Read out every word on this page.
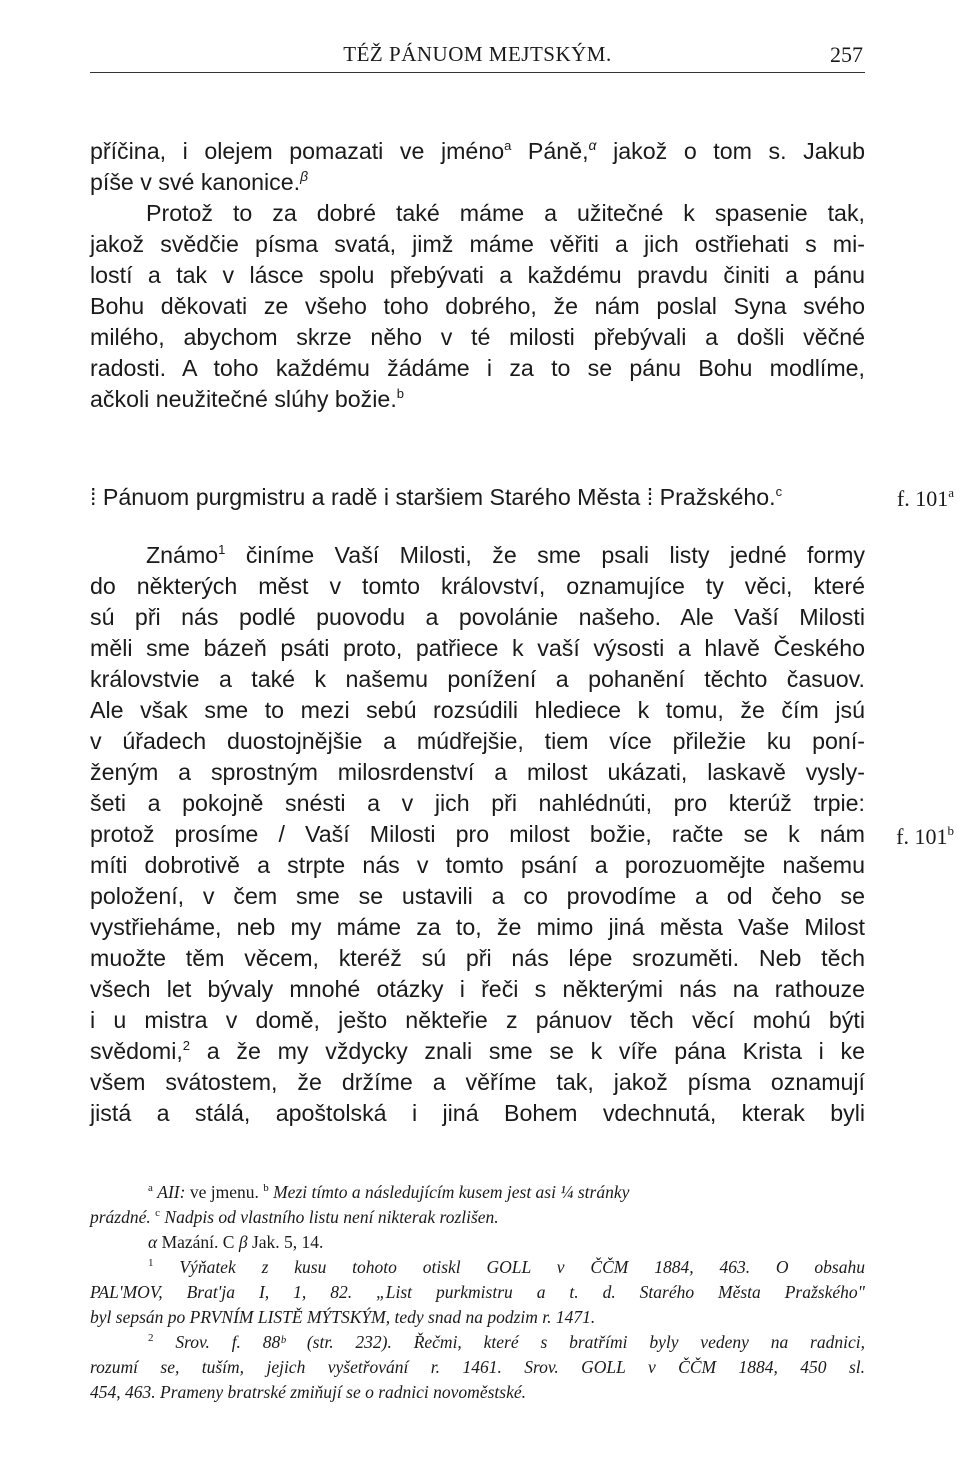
TÉŽ PÁNUOM MEJTSKÝM.	257
příčina, i olejem pomazati ve jméno$^a$ Páně,$^\alpha$ jakož o tom s. Jakub
píše v své kanonice.$^\beta$
Protož to za dobré také máme a užitečné k spasenie tak,
jakož svědčie písma svatá, jimž máme věřiti a jich ostřiehati s mi-
lostí a tak v lásce spolu přebývati a každému pravdu činiti a pánu
Bohu děkovati ze všeho toho dobrého, že nám poslal Syna svého
milého, abychom skrze něho v té milosti přebývali a došli věčné
radosti. A toho každému žádáme i za to se pánu Bohu modlíme,
ačkoli neužitečné slúhy božie.$^b$
⁞ Pánuom purgmistru a radě i staršiem Starého Města ⁞ Pražského.$^c$	f. 101$^a$
Známo$^1$ činíme Vaší Milosti, že sme psali listy jedné formy
do některých měst v tomto království, oznamujíce ty věci, které
sú při nás podlé puovodu a povolánie našeho. Ale Vaší Milosti
měli sme bázeň psáti proto, patřiece k vaší výsosti a hlavě Českého
královstvie a také k našemu ponížení a pohanění těchto časuov.
Ale však sme to mezi sebú rozsúdili hlediece k tomu, že čím jsú
v úřadech duostojnějšie a múdřejšie, tiem více přiležie ku poní-
ženým a sprostným milosrdenství a milost ukázati, laskavě vysly-
šeti a pokojně snésti a v jich při nahlédnúti, pro kterúž trpie:
protož prosíme / Vaší Milosti pro milost božie, račte se k nám
míti dobrotivě a strpte nás v tomto psání a porozuomějte našemu
položení, v čem sme se ustavili a co provodíme a od čeho se
vystřieháme, neb my máme za to, že mimo jiná města Vaše Milost
muožte těm věcem, kteréž sú při nás lépe srozuměti. Neb těch
všech let bývaly mnohé otázky i řeči s některými nás na rathouze
i u mistra v domě, ješto někteřie z pánuov těch věcí mohú býti
svědomi,$^2$ a že my vždycky znali sme se k víře pána Krista i ke
všem svátostem, že držíme a věříme tak, jakož písma oznamují
jistá a stálá, apoštolská i jiná Bohem vdechnutá, kterak byli
f. 101$^b$
$^a$ AII: ve jmenu. $^b$ Mezi tímto a následujícím kusem jest asi ¼ stránky
prázdné. $^c$ Nadpis od vlastního listu není nikterak rozlišen.
α Mazání. C β Jak. 5, 14.
$^1$ Výňatek z kusu tohoto otiskl GOLL v ČČM 1884, 463. O obsahu
PAL'MOV, Brat'ja I, 1, 82. „List purkmistru a t. d. Starého Města Pražského"
byl sepsán po PRVNÍM LISTĚ MÝTSKÝM, tedy snad na podzim r. 1471.
$^2$ Srov. f. 88ᵇ (str. 232). Řečmi, které s bratřími byly vedeny na radnici,
rozumí se, tuším, jejich vyšetřování r. 1461. Srov. GOLL v ČČM 1884, 450 sl.
454, 463. Prameny bratrské zmiňují se o radnici novoměstské.
